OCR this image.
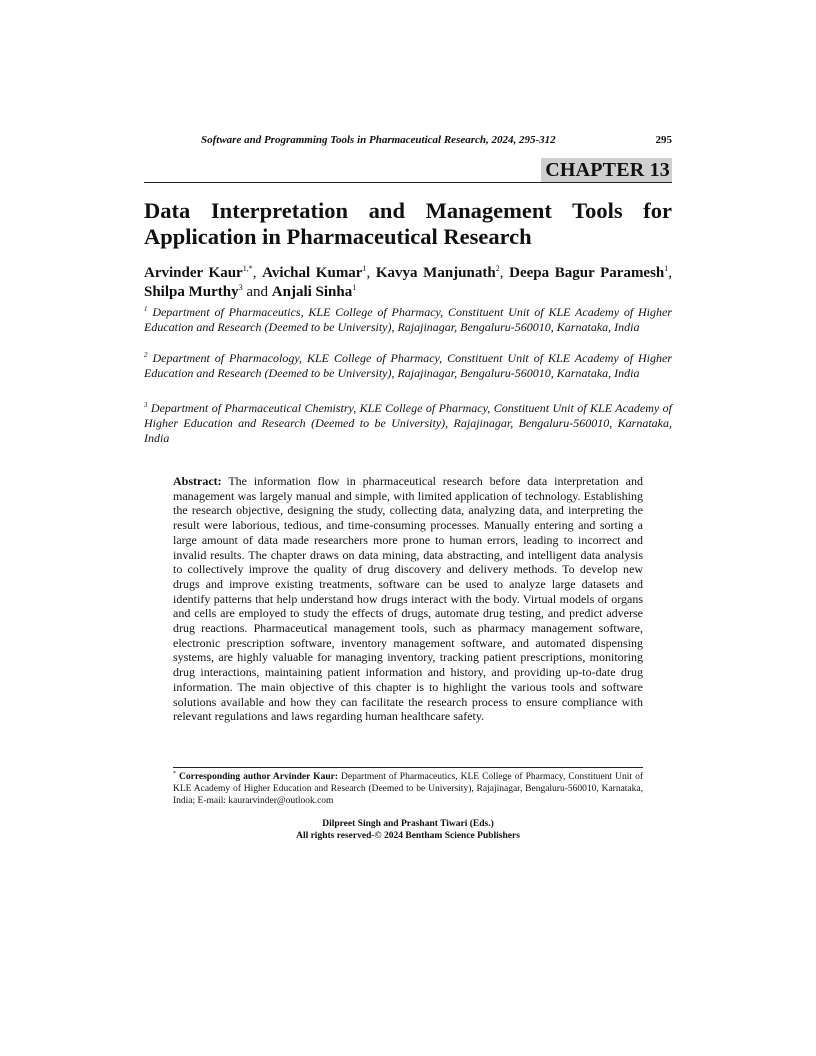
Software and Programming Tools in Pharmaceutical Research, 2024, 295-312	295
CHAPTER 13
Data Interpretation and Management Tools for Application in Pharmaceutical Research
Arvinder Kaur$^{1,*}$, Avichal Kumar$^1$, Kavya Manjunath$^2$, Deepa Bagur Paramesh$^1$, Shilpa Murthy$^3$ and Anjali Sinha$^1$
$^1$ Department of Pharmaceutics, KLE College of Pharmacy, Constituent Unit of KLE Academy of Higher Education and Research (Deemed to be University), Rajajinagar, Bengaluru-560010, Karnataka, India
$^2$ Department of Pharmacology, KLE College of Pharmacy, Constituent Unit of KLE Academy of Higher Education and Research (Deemed to be University), Rajajinagar, Bengaluru-560010, Karnataka, India
$^3$ Department of Pharmaceutical Chemistry, KLE College of Pharmacy, Constituent Unit of KLE Academy of Higher Education and Research (Deemed to be University), Rajajinagar, Bengaluru-560010, Karnataka, India
Abstract: The information flow in pharmaceutical research before data interpretation and management was largely manual and simple, with limited application of technology. Establishing the research objective, designing the study, collecting data, analyzing data, and interpreting the result were laborious, tedious, and time-consuming processes. Manually entering and sorting a large amount of data made researchers more prone to human errors, leading to incorrect and invalid results. The chapter draws on data mining, data abstracting, and intelligent data analysis to collectively improve the quality of drug discovery and delivery methods. To develop new drugs and improve existing treatments, software can be used to analyze large datasets and identify patterns that help understand how drugs interact with the body. Virtual models of organs and cells are employed to study the effects of drugs, automate drug testing, and predict adverse drug reactions. Pharmaceutical management tools, such as pharmacy management software, electronic prescription software, inventory management software, and automated dispensing systems, are highly valuable for managing inventory, tracking patient prescriptions, monitoring drug interactions, maintaining patient information and history, and providing up-to-date drug information. The main objective of this chapter is to highlight the various tools and software solutions available and how they can facilitate the research process to ensure compliance with relevant regulations and laws regarding human healthcare safety.
* Corresponding author Arvinder Kaur: Department of Pharmaceutics, KLE College of Pharmacy, Constituent Unit of KLE Academy of Higher Education and Research (Deemed to be University), Rajajinagar, Bengaluru-560010, Karnataka, India; E-mail: kaurarvinder@outlook.com
Dilpreet Singh and Prashant Tiwari (Eds.)
All rights reserved-© 2024 Bentham Science Publishers
